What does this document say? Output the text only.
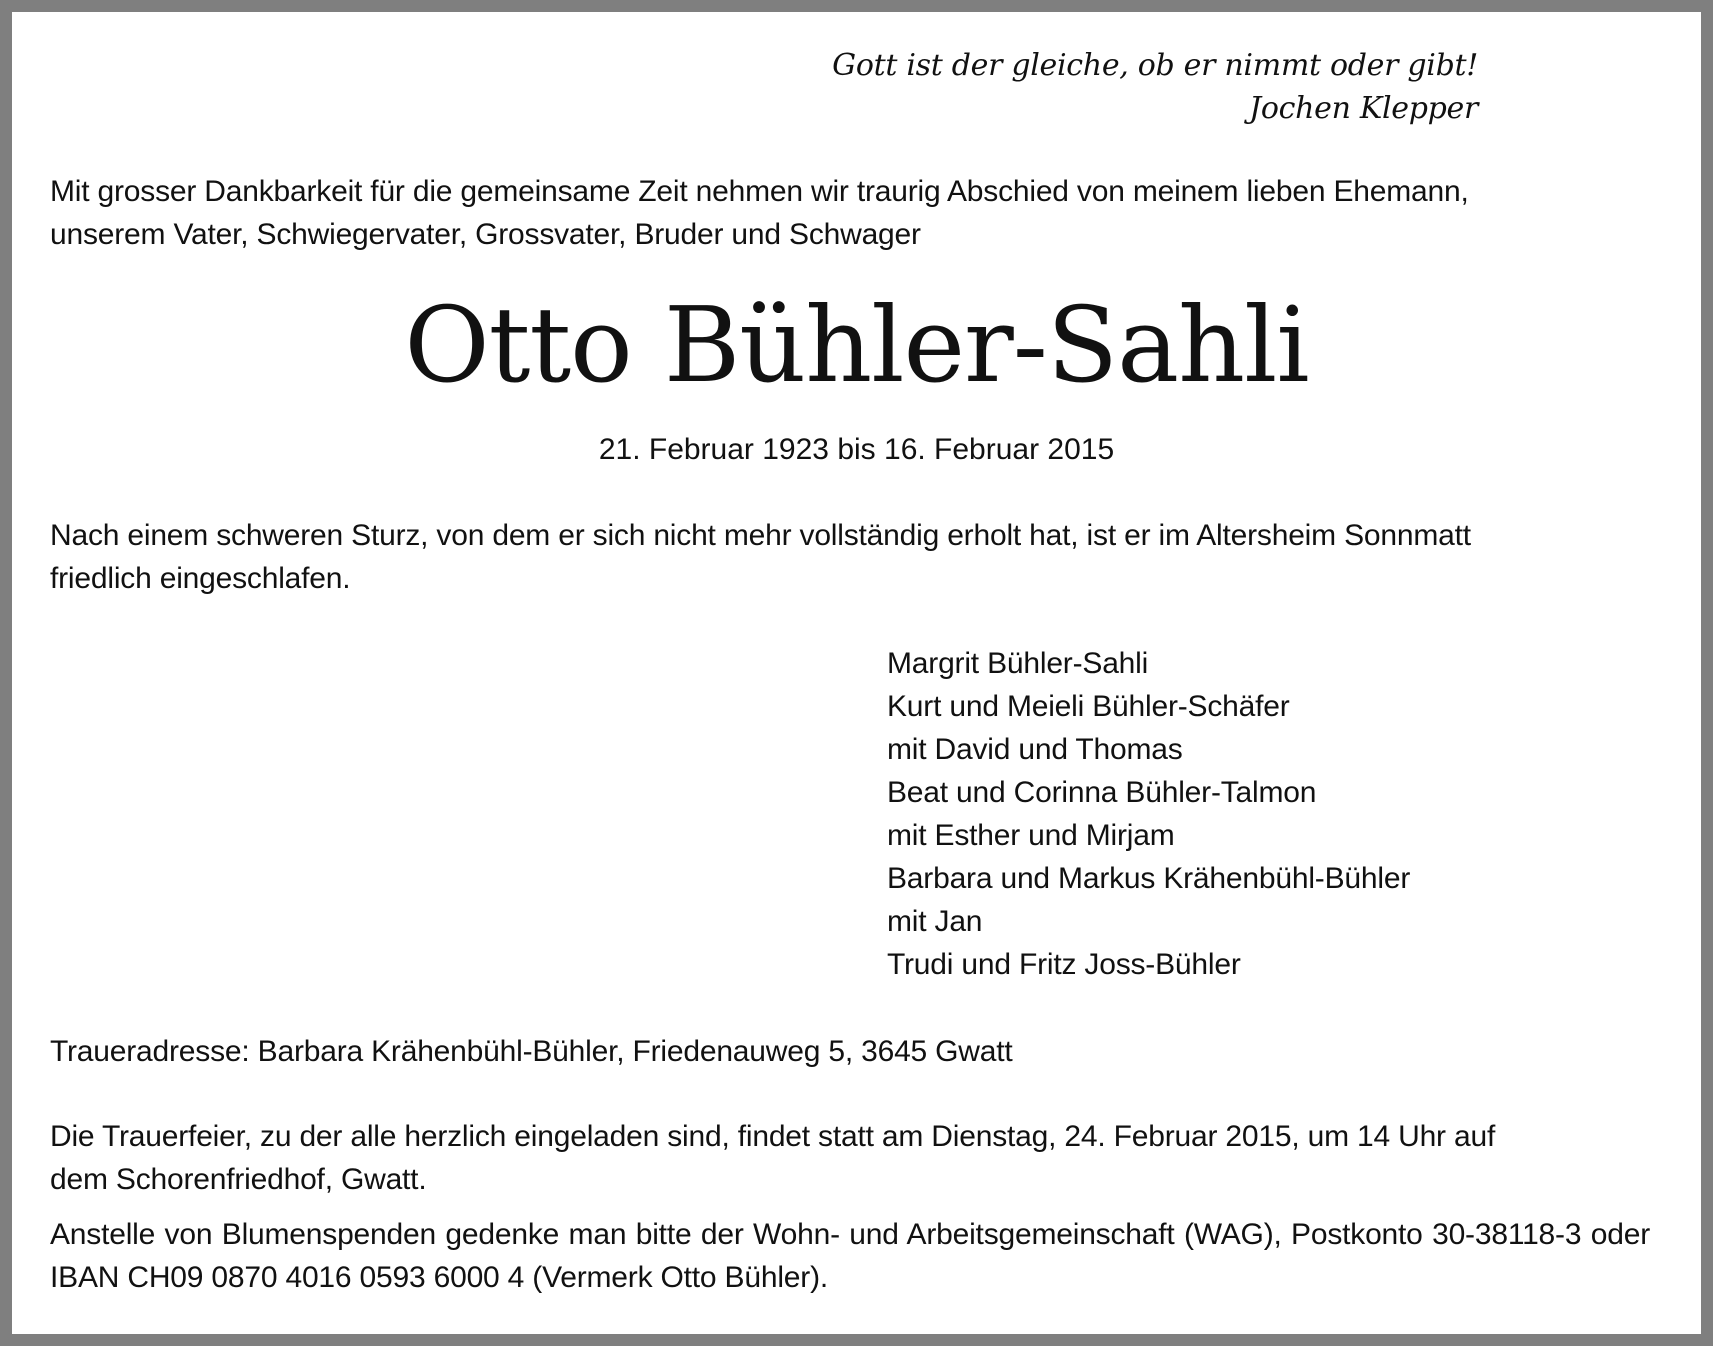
Gott ist der gleiche, ob er nimmt oder gibt!
Jochen Klepper

Mit grosser Dankbarkeit für die gemeinsame Zeit nehmen wir traurig Abschied von meinem lieben Ehemann,

unserem Vater, Schwiegervater, Grossvater, Bruder und Schwager

Otto Bühler-Sahli
21. Februar 1923 bis 16. Februar 2015

Nach einem schweren Sturz, von dem er sich nicht mehr vollständig erholt hat, ist er im Altersheim Sonnmatt

friedlich eingeschlafen.

Margrit Bühler-Sahli
Kurt und Meieli Bühler-Schäfer
mit David und Thomas
Beat und Corinna Bühler-Talmon
mit Esther und Mirjam
Barbara und Markus Krähenbühl-Bühler
mit Jan
Trudi und Fritz Joss-Bühler
Traueradresse: Barbara Krähenbühl-Bühler, Friedenauweg 5, 3645 Gwatt

Die Trauerfeier, zu der alle herzlich eingeladen sind, findet statt am Dienstag, 24. Februar 2015, um 14 Uhr auf

dem Schorenfriedhof, Gwatt.

Anstelle von Blumenspenden gedenke man bitte der Wohn- und Arbeitsgemeinschaft (WAG), Postkonto 30-38118-3 oder IBAN CH09 0870 4016 0593 6000 4 (Vermerk Otto Bühler).
